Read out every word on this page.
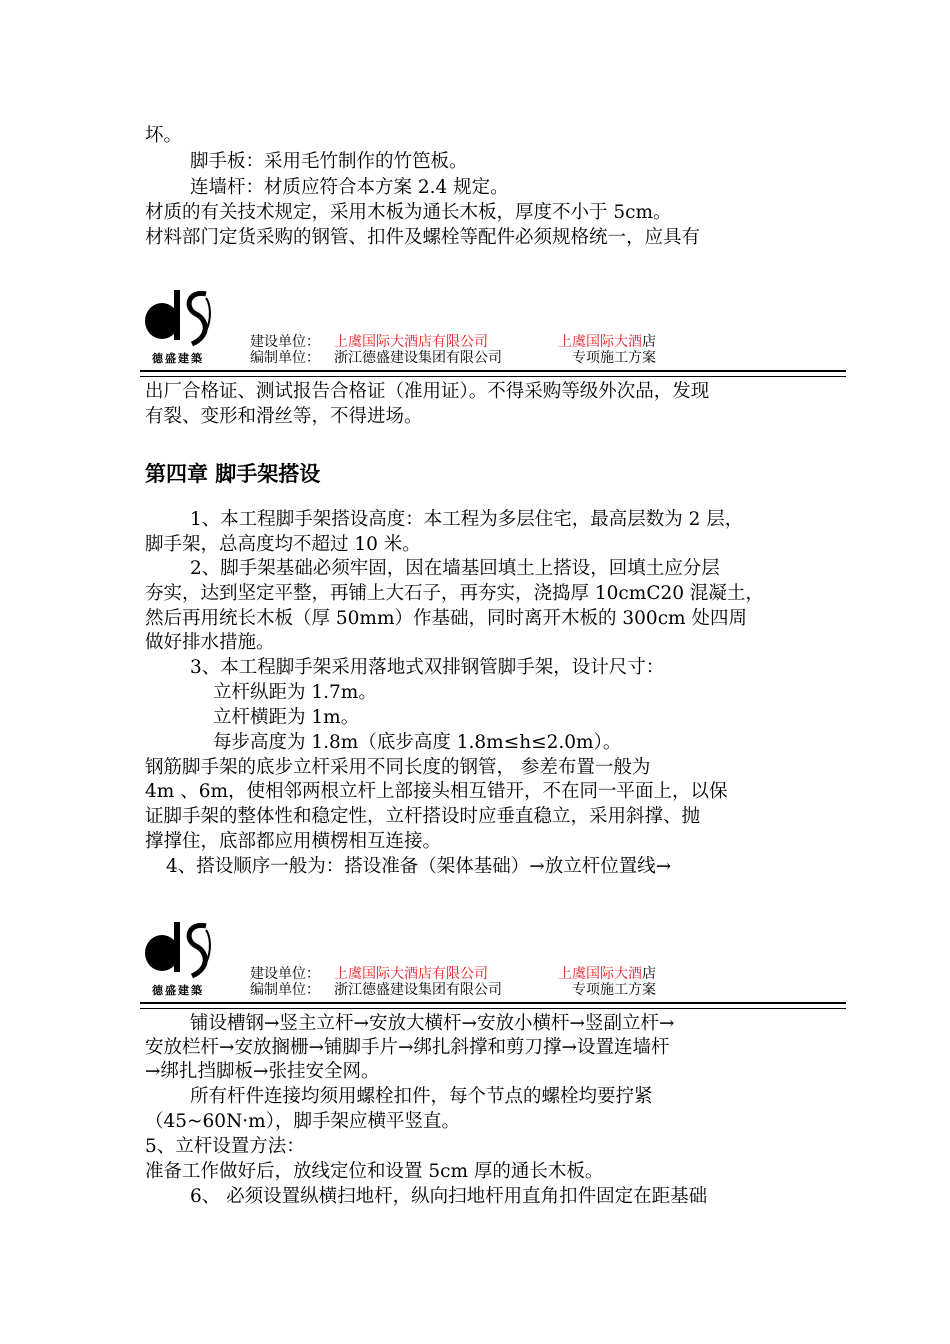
坏。
脚手板：采用毛竹制作的竹笆板。
连墙杆：材质应符合本方案 2.4 规定。
材质的有关技术规定，采用木板为通长木板，厚度不小于 5cm。
材料部门定货采购的钢管、扣件及螺栓等配件必须规格统一，应具有
德盛建築
建设单位： 上虞国际大酒店有限公司	上虞国际大酒店
编制单位： 浙江德盛建设集团有限公司	专项施工方案
出厂合格证、测试报告合格证（准用证）。不得采购等级外次品，发现
有裂、变形和滑丝等，不得进场。
第四章 脚手架搭设
1、本工程脚手架搭设高度：本工程为多层住宅，最高层数为 2 层，
脚手架，总高度均不超过 10 米。
2、脚手架基础必须牢固，因在墙基回填土上搭设，回填土应分层
夯实，达到坚定平整，再铺上大石子，再夯实，浇捣厚 10cmC20 混凝土，
然后再用统长木板（厚 50mm）作基础，同时离开木板的 300cm 处四周
做好排水措施。
3、本工程脚手架采用落地式双排钢管脚手架，设计尺寸：
立杆纵距为 1.7m。
立杆横距为 1m。
每步高度为 1.8m（底步高度 1.8m≤h≤2.0m）。
钢筋脚手架的底步立杆采用不同长度的钢管， 参差布置一般为
4m 、6m，使相邻两根立杆上部接头相互错开，不在同一平面上，以保
证脚手架的整体性和稳定性，立杆搭设时应垂直稳立，采用斜撑、抛
撑撑住，底部都应用横楞相互连接。
4、搭设顺序一般为：搭设准备（架体基础）→放立杆位置线→
德盛建築
建设单位： 上虞国际大酒店有限公司	上虞国际大酒店
编制单位： 浙江德盛建设集团有限公司	专项施工方案
铺设槽钢→竖主立杆→安放大横杆→安放小横杆→竖副立杆→
安放栏杆→安放搁栅→铺脚手片→绑扎斜撑和剪刀撑→设置连墙杆
→绑扎挡脚板→张挂安全网。
所有杆件连接均须用螺栓扣件，每个节点的螺栓均要拧紧
（45~60N·m），脚手架应横平竖直。
5、立杆设置方法：
准备工作做好后，放线定位和设置 5cm 厚的通长木板。
6、 必须设置纵横扫地杆，纵向扫地杆用直角扣件固定在距基础
